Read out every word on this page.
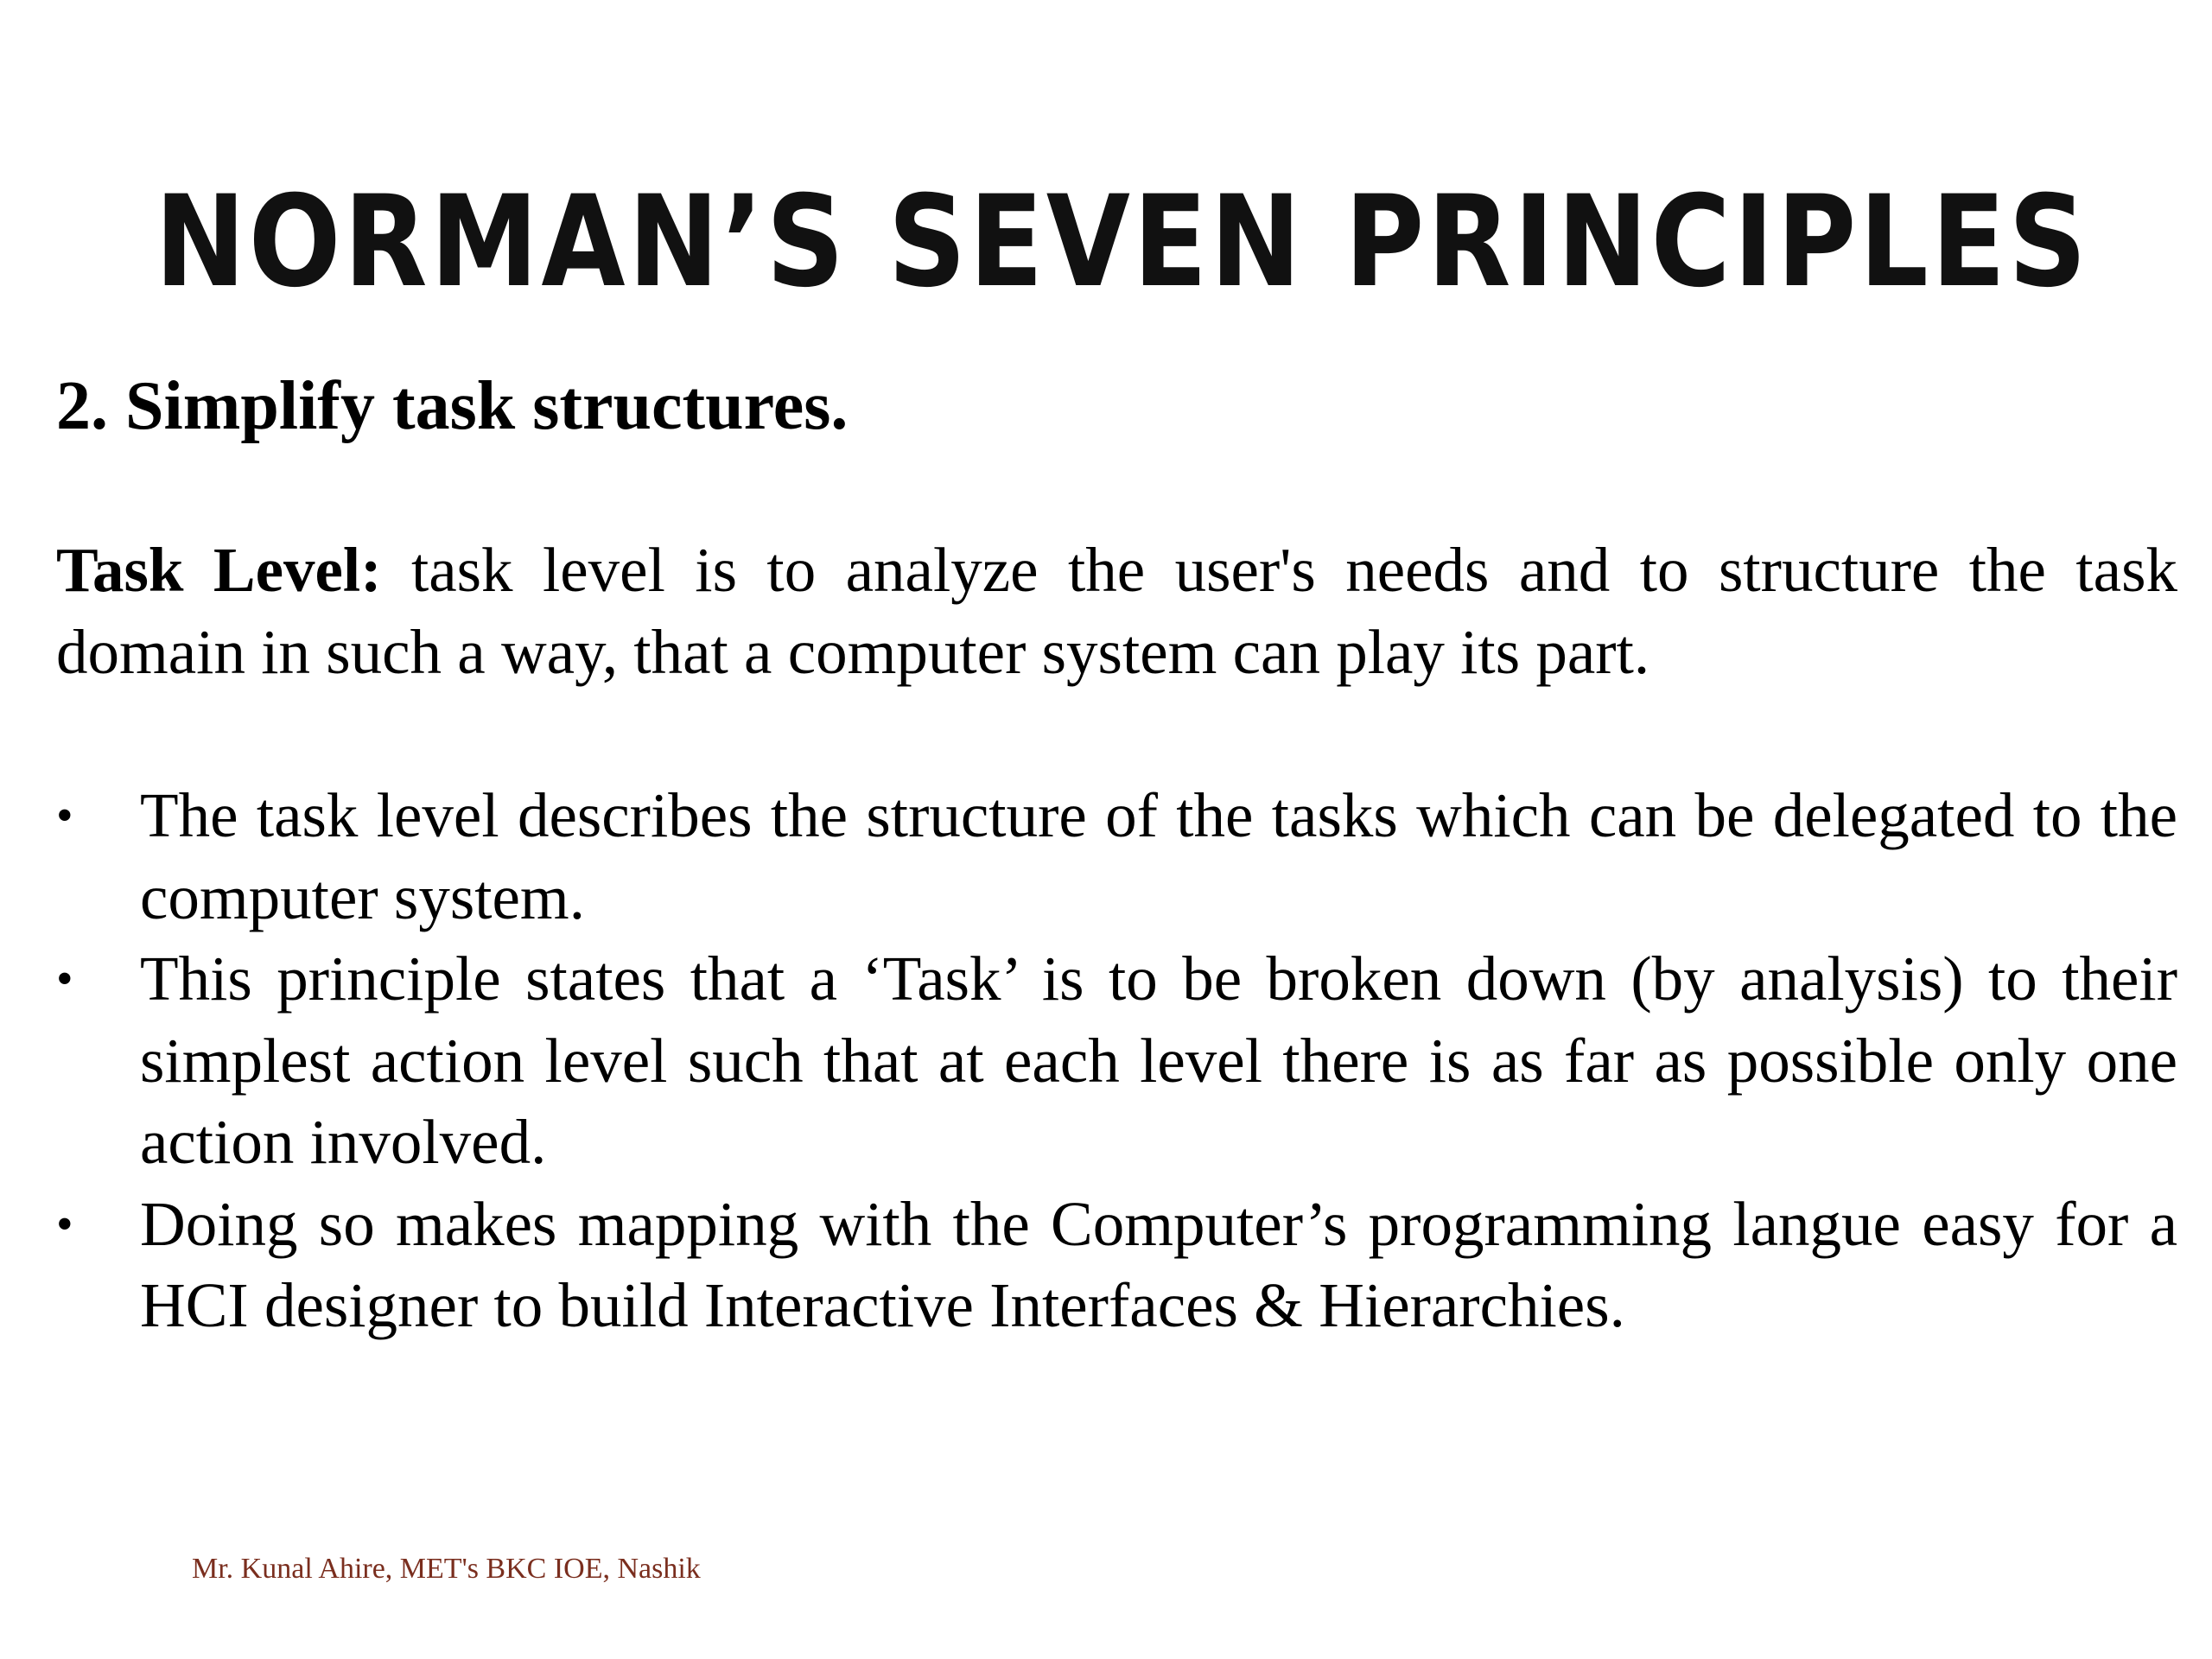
NORMAN’S SEVEN PRINCIPLES
2. Simplify task structures.
Task Level: task level is to analyze the user's needs and to structure the task domain in such a way, that a computer system can play its part.
•	The task level describes the structure of the tasks which can be delegated to the computer system.
•	This principle states that a ‘Task’ is to be broken down (by analysis) to their simplest action level such that at each level there is as far as possible only one action involved.
•	Doing so makes mapping with the Computer’s programming langue easy for a HCI designer to build Interactive Interfaces & Hierarchies.
Mr. Kunal Ahire, MET's BKC IOE, Nashik
